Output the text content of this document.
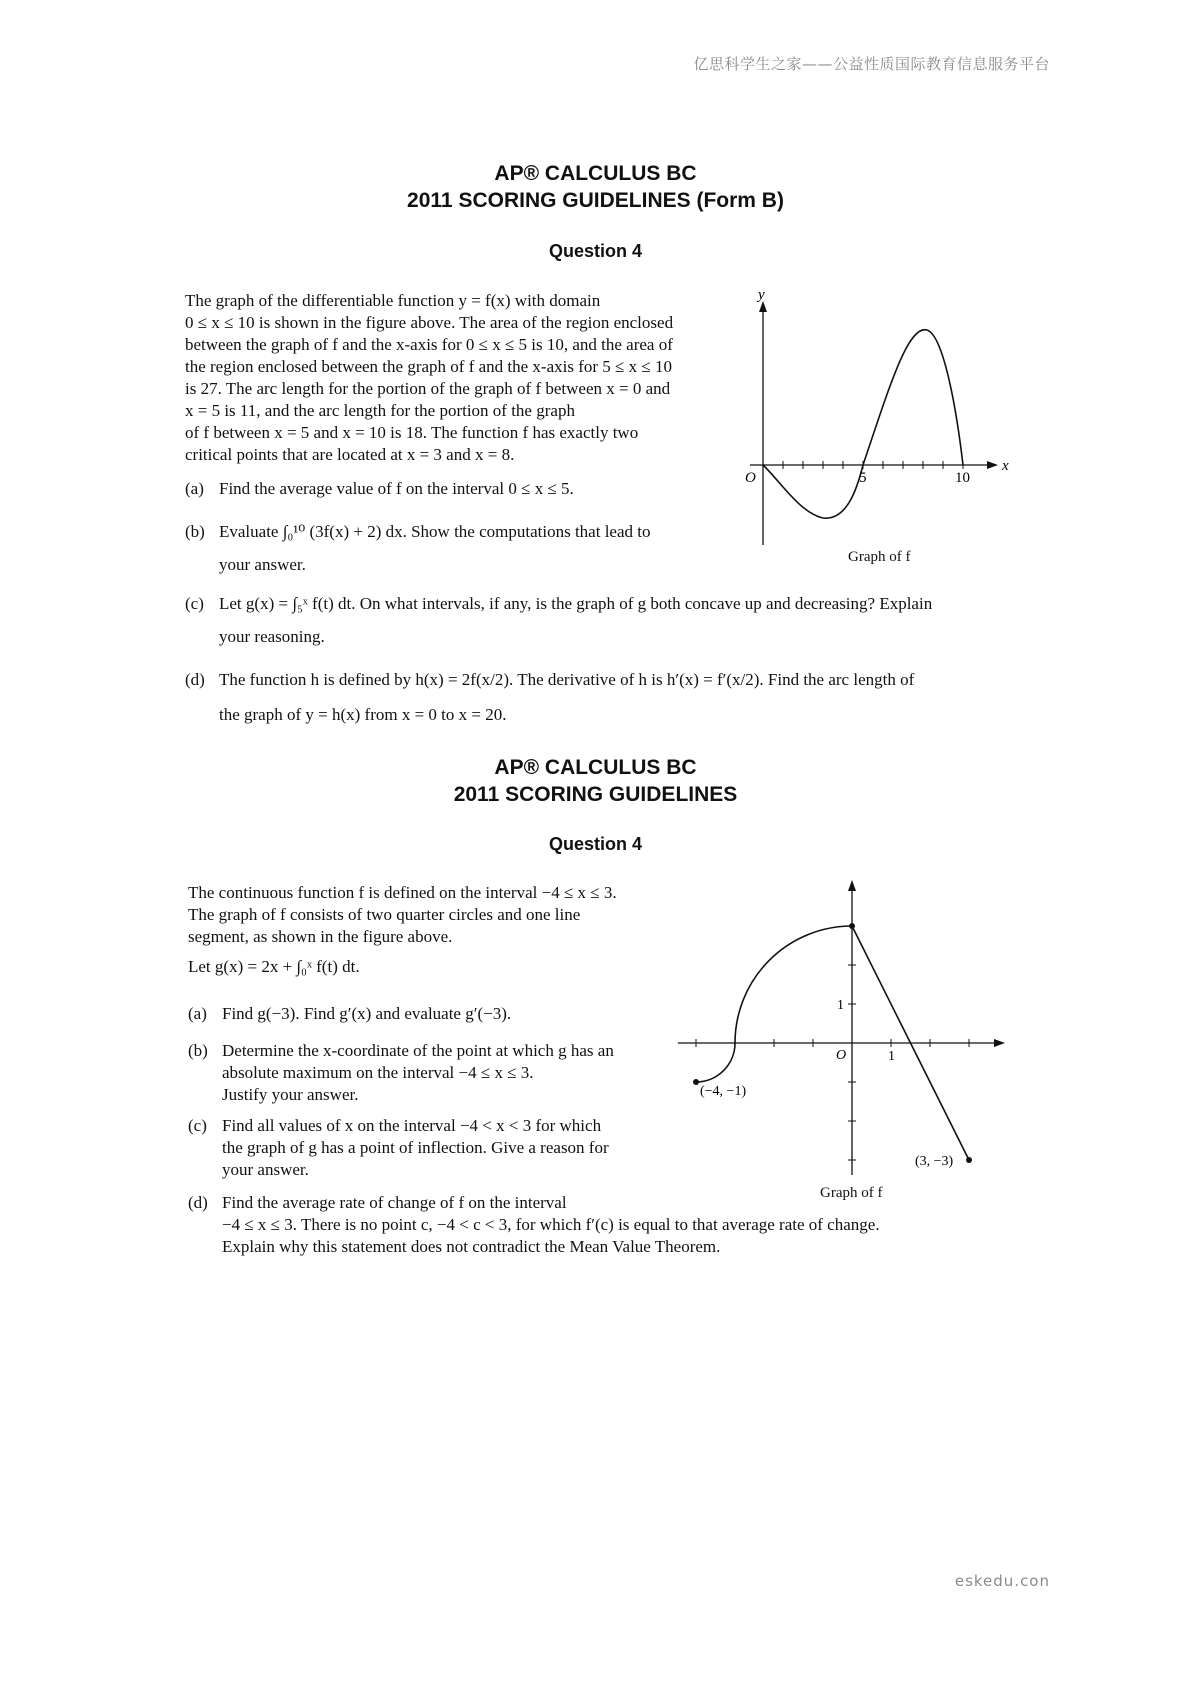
亿思科学生之家——公益性质国际教育信息服务平台
eskedu.con
AP® CALCULUS BC
2011 SCORING GUIDELINES (Form B)
Question 4
The graph of the differentiable function y = f(x) with domain
0 ≤ x ≤ 10 is shown in the figure above. The area of the region enclosed
between the graph of f and the x-axis for 0 ≤ x ≤ 5 is 10, and the area of
the region enclosed between the graph of f and the x-axis for 5 ≤ x ≤ 10
is 27. The arc length for the portion of the graph of f between x = 0 and
x = 5 is 11, and the arc length for the portion of the graph
of f between x = 5 and x = 10 is 18. The function f has exactly two
critical points that are located at x = 3 and x = 8.
(a) Find the average value of f on the interval 0 ≤ x ≤ 5.
(b) Evaluate ∫₀¹⁰ (3f(x) + 2) dx. Show the computations that lead to
your answer.
(c) Let g(x) = ∫₅ˣ f(t) dt. On what intervals, if any, is the graph of g both concave up and decreasing? Explain
your reasoning.
(d) The function h is defined by h(x) = 2f(x/2). The derivative of h is h′(x) = f′(x/2). Find the arc length of
the graph of y = h(x) from x = 0 to x = 20.
y
x
O	5	10
Graph of f
AP® CALCULUS BC
2011 SCORING GUIDELINES
Question 4
The continuous function f is defined on the interval −4 ≤ x ≤ 3.
The graph of f consists of two quarter circles and one line
segment, as shown in the figure above.
Let g(x) = 2x + ∫₀ˣ f(t) dt.
(a) Find g(−3). Find g′(x) and evaluate g′(−3).
(b) Determine the x-coordinate of the point at which g has an
absolute maximum on the interval −4 ≤ x ≤ 3.
Justify your answer.
(c) Find all values of x on the interval −4 < x < 3 for which
the graph of g has a point of inflection. Give a reason for
your answer.
(d) Find the average rate of change of f on the interval
−4 ≤ x ≤ 3. There is no point c, −4 < c < 3, for which f′(c) is equal to that average rate of change.
Explain why this statement does not contradict the Mean Value Theorem.
O	1
1
(−4, −1)
(3, −3)
Graph of f
